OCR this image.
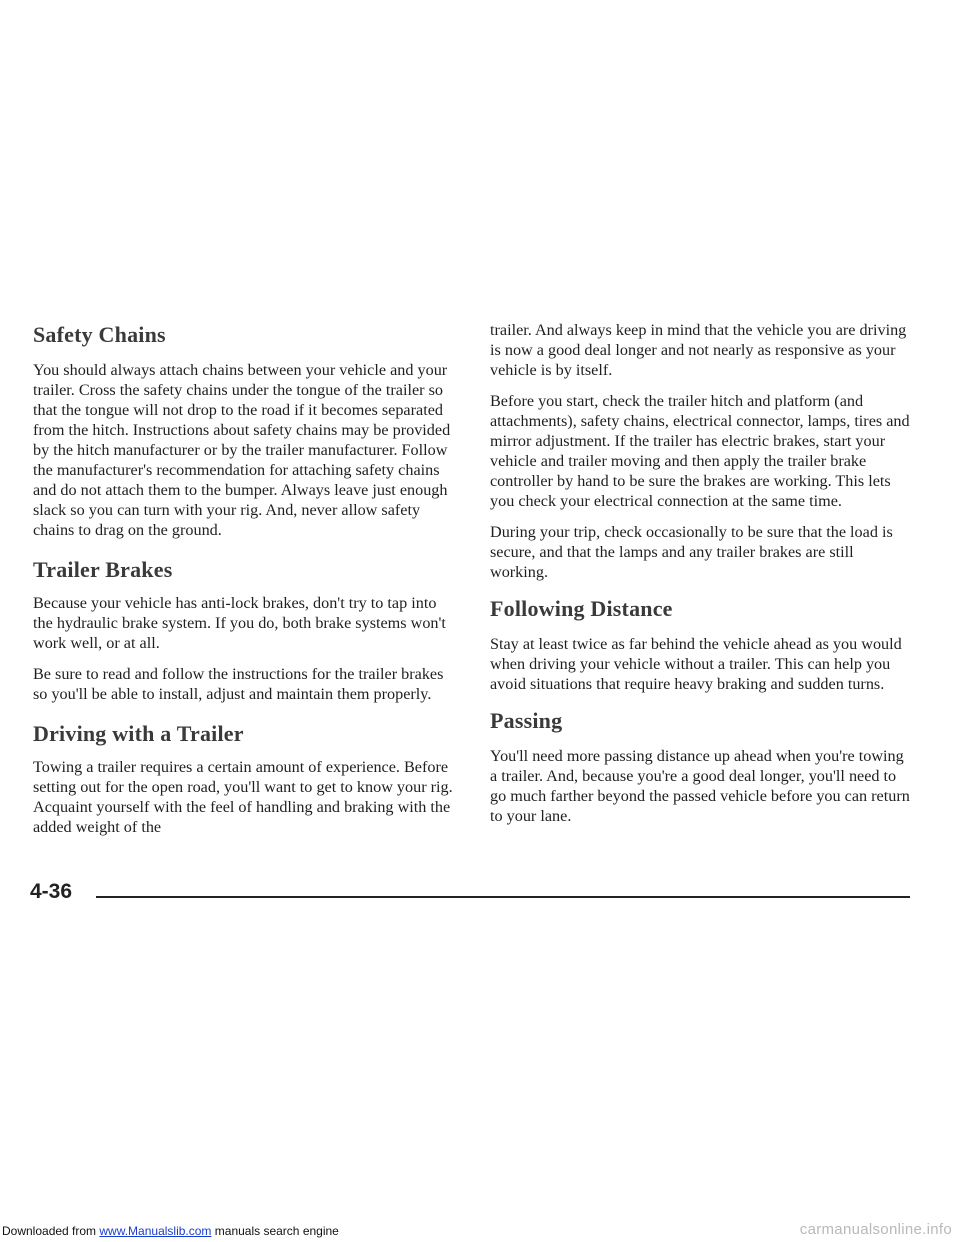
Safety Chains

You should always attach chains between your vehicle and your trailer. Cross the safety chains under the tongue of the trailer so that the tongue will not drop to the road if it becomes separated from the hitch. Instructions about safety chains may be provided by the hitch manufacturer or by the trailer manufacturer. Follow the manufacturer's recommendation for attaching safety chains and do not attach them to the bumper. Always leave just enough slack so you can turn with your rig. And, never allow safety chains to drag on the ground.

Trailer Brakes

Because your vehicle has anti-lock brakes, don't try to tap into the hydraulic brake system. If you do, both brake systems won't work well, or at all.

Be sure to read and follow the instructions for the trailer brakes so you'll be able to install, adjust and maintain them properly.

Driving with a Trailer

Towing a trailer requires a certain amount of experience. Before setting out for the open road, you'll want to get to know your rig. Acquaint yourself with the feel of handling and braking with the added weight of the

trailer. And always keep in mind that the vehicle you are driving is now a good deal longer and not nearly as responsive as your vehicle is by itself.

Before you start, check the trailer hitch and platform (and attachments), safety chains, electrical connector, lamps, tires and mirror adjustment. If the trailer has electric brakes, start your vehicle and trailer moving and then apply the trailer brake controller by hand to be sure the brakes are working. This lets you check your electrical connection at the same time.

During your trip, check occasionally to be sure that the load is secure, and that the lamps and any trailer brakes are still working.

Following Distance

Stay at least twice as far behind the vehicle ahead as you would when driving your vehicle without a trailer. This can help you avoid situations that require heavy braking and sudden turns.

Passing

You'll need more passing distance up ahead when you're towing a trailer. And, because you're a good deal longer, you'll need to go much farther beyond the passed vehicle before you can return to your lane.

4-36
Downloaded from www.Manualslib.com manuals search engine	carmanualsonline.info
